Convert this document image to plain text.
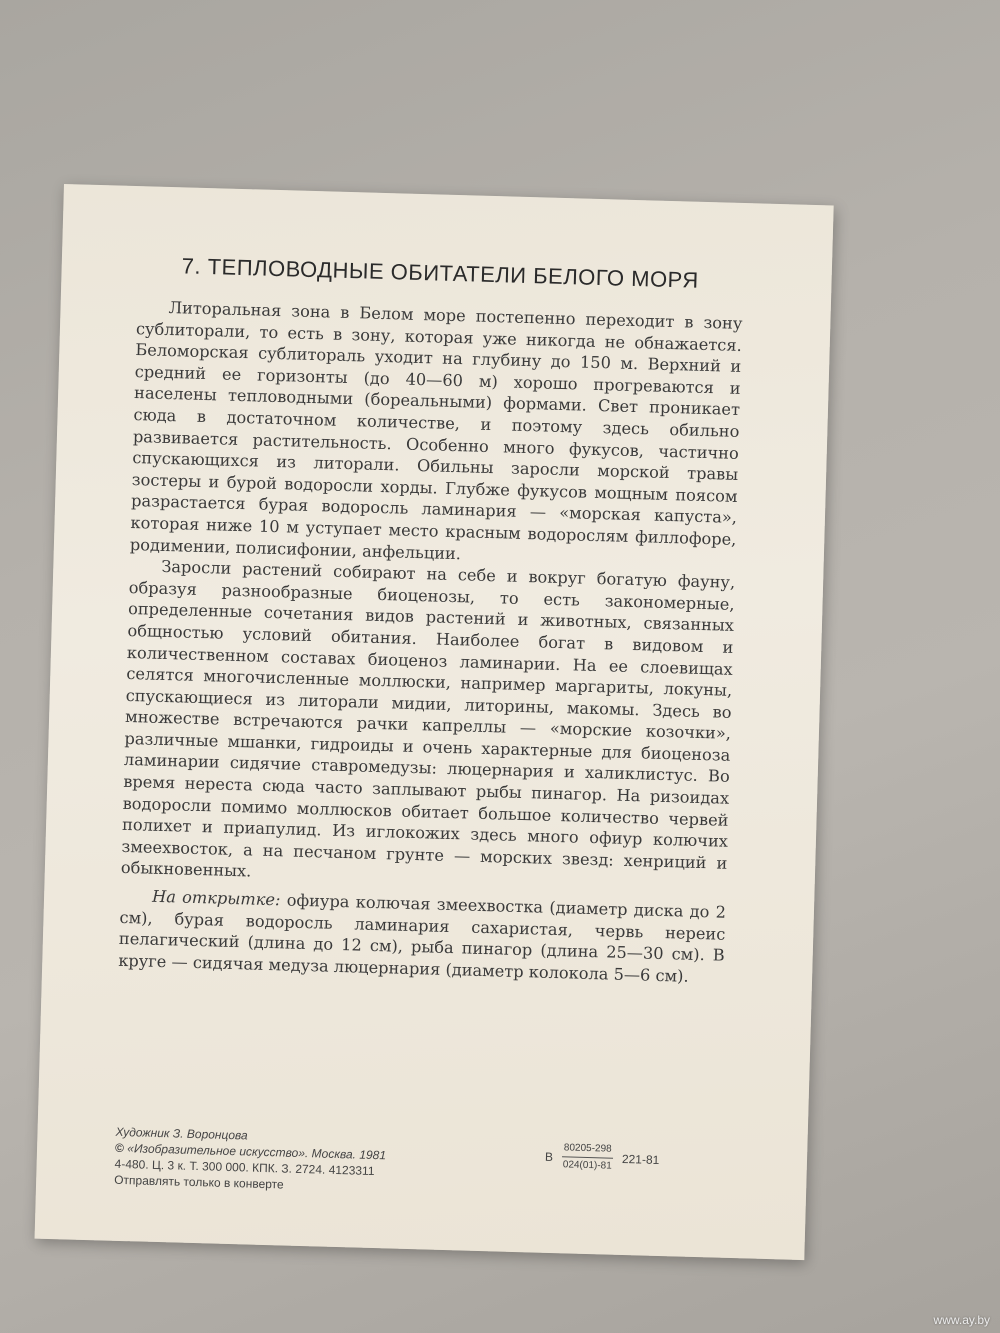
7. ТЕПЛОВОДНЫЕ ОБИТАТЕЛИ БЕЛОГО МОРЯ

Литоральная зона в Белом море постепенно переходит в зону сублиторали, то есть в зону, которая уже никогда не обнажается. Беломорская сублитораль уходит на глубину до 150 м. Верхний и средний ее горизонты (до 40—60 м) хорошо прогреваются и населены тепловодными (бореальными) формами. Свет проникает сюда в достаточном количестве, и поэтому здесь обильно развивается растительность. Особенно много фукусов, частично спускающихся из литорали. Обильны заросли морской травы зостеры и бурой водоросли хорды. Глубже фукусов мощным поясом разрастается бурая водоросль ламинария — «морская капуста», которая ниже 10 м уступает место красным водорослям филлофоре, родимении, полисифонии, анфельции.

Заросли растений собирают на себе и вокруг богатую фауну, образуя разнообразные биоценозы, то есть закономерные, определенные сочетания видов растений и животных, связанных общностью условий обитания. Наиболее богат в видовом и количественном составах биоценоз ламинарии. На ее слоевищах селятся многочисленные моллюски, например маргариты, локуны, спускающиеся из литорали мидии, литорины, макомы. Здесь во множестве встречаются рачки капреллы — «морские козочки», различные мшанки, гидроиды и очень характерные для биоценоза ламинарии сидячие ставромедузы: люцернария и халиклистус. Во время нереста сюда часто заплывают рыбы пинагор. На ризоидах водоросли помимо моллюсков обитает большое количество червей полихет и приапулид. Из иглокожих здесь много офиур колючих змеехвосток, а на песчаном грунте — морских звезд: хенриций и обыкновенных.

На открытке: офиура колючая змеехвостка (диаметр диска до 2 см), бурая водоросль ламинария сахаристая, червь нереис пелагический (длина до 12 см), рыба пинагор (длина 25—30 см). В круге — сидячая медуза люцернария (диаметр колокола 5—6 см).

Художник З. Воронцова
© «Изобразительное искусство». Москва. 1981
4-480. Ц. 3 к. Т. 300 000. КПК. З. 2724. 4123311
Отправлять только в конверте
В $\frac{80205-298}{024(01)-81} 221-81$
www.ay.by
